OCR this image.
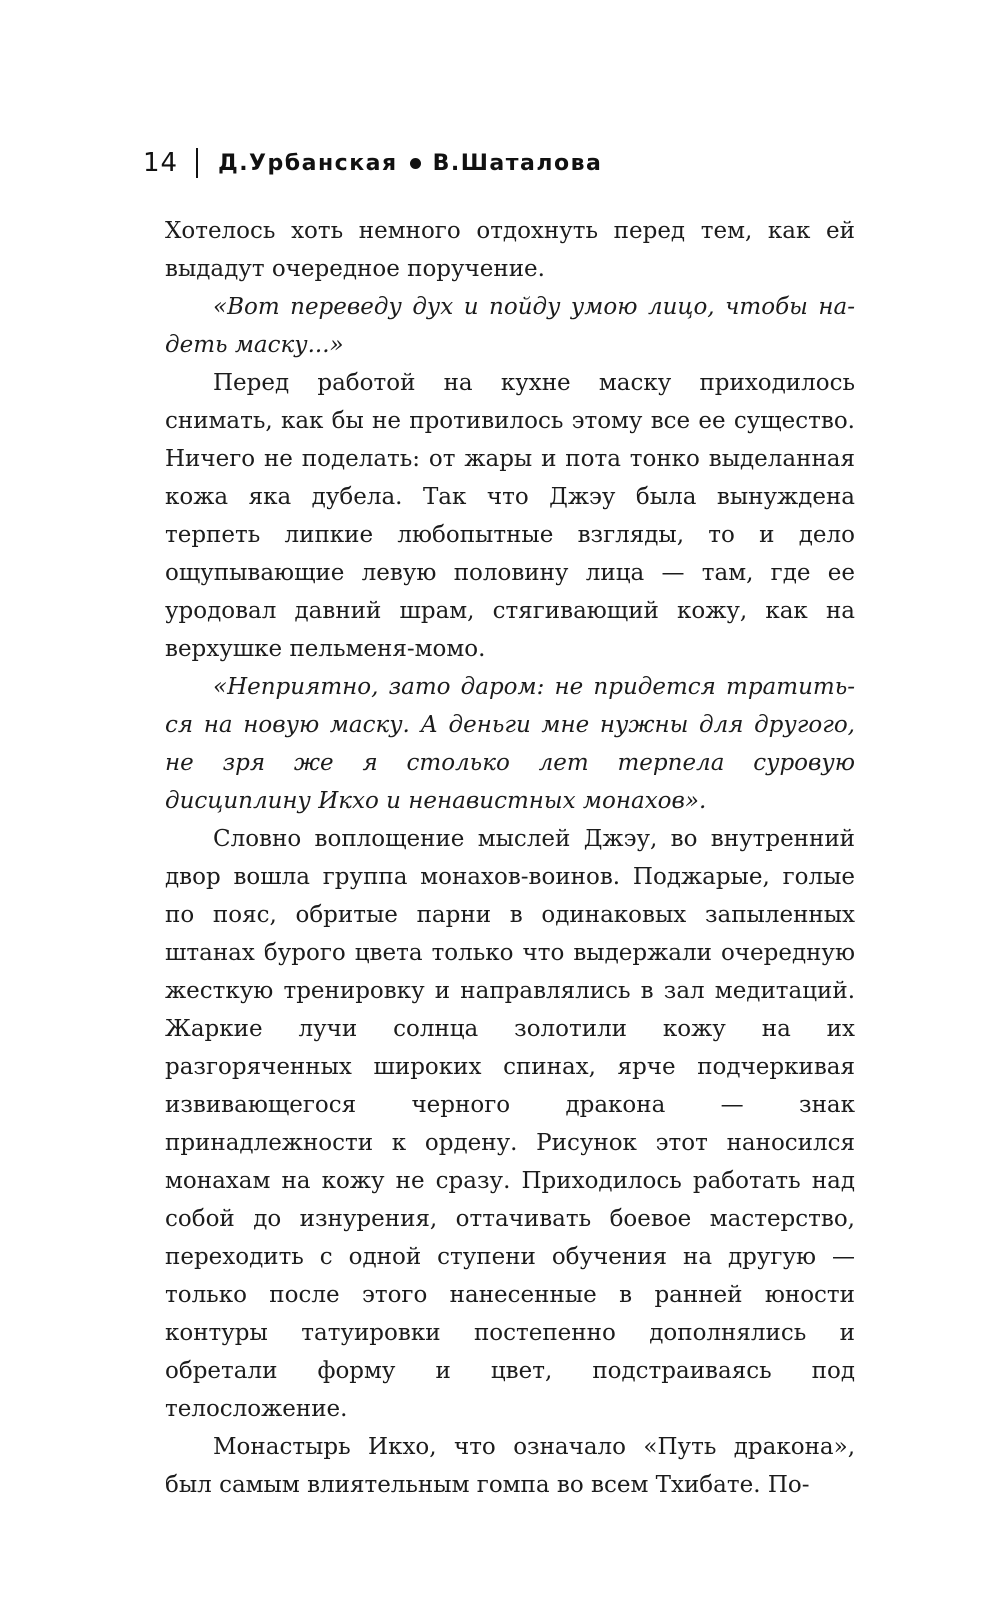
14 Д.Урбанская В.Шаталова

Хотелось хоть немного отдохнуть перед тем, как ей выдадут очередное поручение.

«Вот переведу дух и пойду умою лицо, чтобы на-деть маску...»

Перед работой на кухне маску приходилось снимать, как бы не противилось этому все ее существо. Ничего не поделать: от жары и пота тонко выделанная кожа яка дубела. Так что Джэу была вынуждена терпеть липкие любопытные взгляды, то и дело ощупывающие левую половину лица — там, где ее уродовал давний шрам, стягивающий кожу, как на верхушке пельменя-момо.

«Неприятно, зато даром: не придется тратить-ся на новую маску. А деньги мне нужны для другого, не зря же я столько лет терпела суровую дисциплину Икхо и ненавистных монахов».

Словно воплощение мыслей Джэу, во внутренний двор вошла группа монахов-воинов. Поджарые, голые по пояс, обритые парни в одинаковых запыленных штанах бурого цвета только что выдержали очередную жесткую тренировку и направлялись в зал медитаций. Жаркие лучи солнца золотили кожу на их разгоряченных широких спинах, ярче подчеркивая извивающегося черного дракона — знак принадлежности к ордену. Рисунок этот наносился монахам на кожу не сразу. Приходилось работать над собой до изнурения, оттачивать боевое мастерство, переходить с одной ступени обучения на другую — только после этого нанесенные в ранней юности контуры татуировки постепенно дополнялись и обретали форму и цвет, подстраиваясь под телосложение.

Монастырь Икхо, что означало «Путь дракона», был самым влиятельным гомпа во всем Тхибате. По-
